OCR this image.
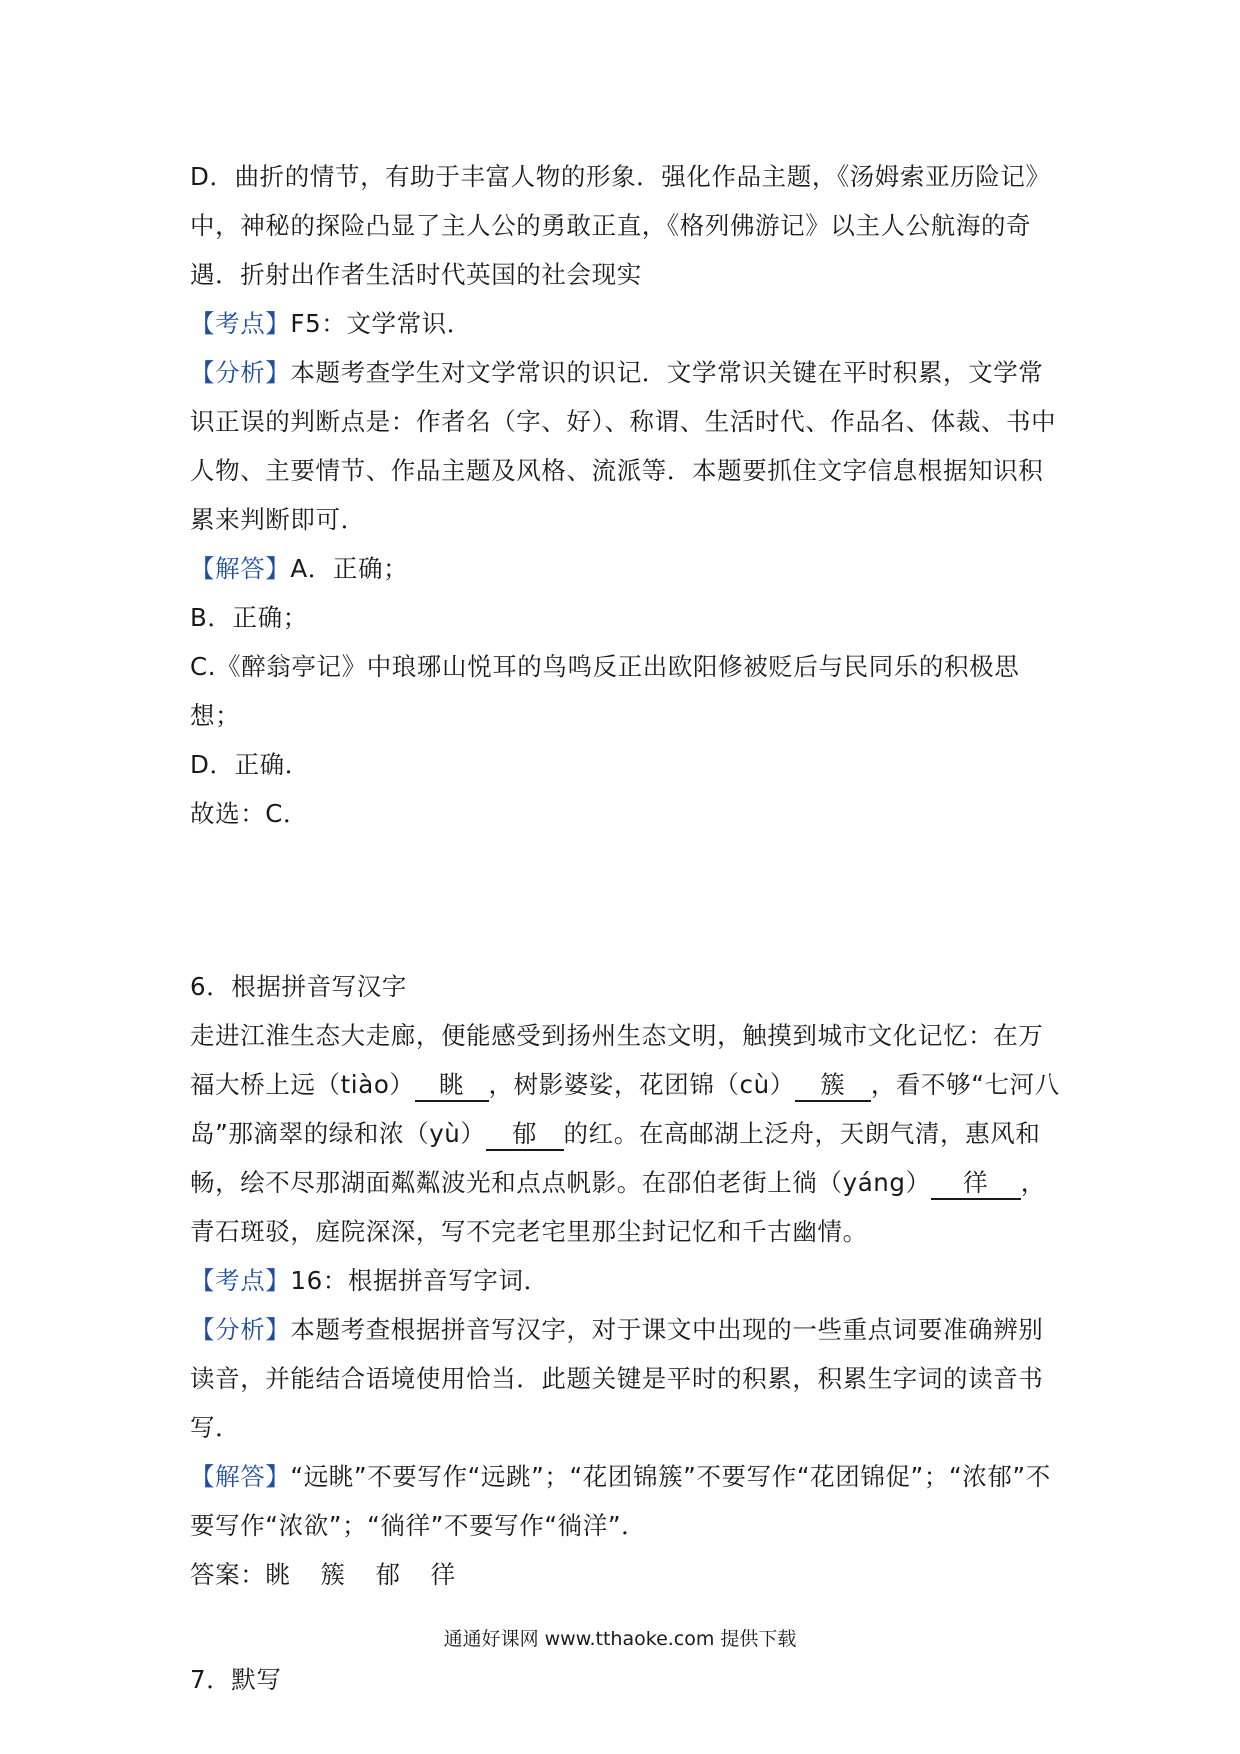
D．曲折的情节，有助于丰富人物的形象．强化作品主题，《汤姆索亚历险记》中，神秘的探险凸显了主人公的勇敢正直，《格列佛游记》以主人公航海的奇遇．折射出作者生活时代英国的社会现实

【考点】F5：文学常识．

【分析】本题考查学生对文学常识的识记．文学常识关键在平时积累，文学常识正误的判断点是：作者名（字、好）、称谓、生活时代、作品名、体裁、书中人物、主要情节、作品主题及风格、流派等．本题要抓住文字信息根据知识积累来判断即可．

【解答】A．正确；

B．正确；

C.《醉翁亭记》中琅琊山悦耳的鸟鸣反正出欧阳修被贬后与民同乐的积极思想；

D．正确．

故选：C．

6．根据拼音写汉字

走进江淮生态大走廊，便能感受到扬州生态文明，触摸到城市文化记忆：在万福大桥上远（tiào） 眺 ，树影婆娑，花团锦（cù） 簇 ，看不够“七河八岛”那滴翠的绿和浓（yù） 郁 的红。在高邮湖上泛舟，天朗气清，惠风和畅，绘不尽那湖面粼粼波光和点点帆影。在邵伯老街上徜（yáng） 徉 ，青石斑驳，庭院深深，写不完老宅里那尘封记忆和千古幽情。

【考点】16：根据拼音写字词．

【分析】本题考查根据拼音写汉字，对于课文中出现的一些重点词要准确辨别读音，并能结合语境使用恰当．此题关键是平时的积累，积累生字词的读音书写．

【解答】“远眺”不要写作“远跳”；“花团锦簇”不要写作“花团锦促”；“浓郁”不要写作“浓欲”；“徜徉”不要写作“徜洋”．

答案：眺 簇 郁 徉

7．默写

通通好课网 www.tthaoke.com 提供下载
